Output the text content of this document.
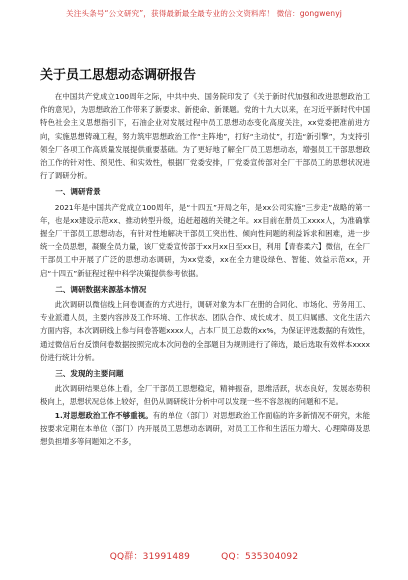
关注头条号“公文研究”，获得最新最全最专业的公文资料库！ 微信：gongwenyj
关于员工思想动态调研报告

在中国共产党成立100周年之际，中共中央、国务院印发了《关于新时代加强和改进思想政治工作的意见》，为思想政治工作带来了新要求、新使命、新课题。党的十九大以来，在习近平新时代中国特色社会主义思想指引下，石油企业对发展过程中员工思想动态变化高度关注，xx党委把准前进方向，实施思想铸魂工程，努力筑牢思想政治工作“主阵地”，打好“主动仗”，打造“新引擎”，为支持引领全厂各项工作高质量发展提供重要基础。为了更好地了解全厂员工思想动态，增强员工干部思想政治工作的针对性、预见性、和实效性，根据厂党委安排，厂党委宣传部对全厂干部员工的思想状况进行了调研分析。

一、调研背景

2021年是中国共产党成立100周年，是“十四五”开局之年，是xx公司实施“三步走”战略的第一年，也是xx建设示范xx、推动转型升级，追赶超越的关键之年。xx目前在册员工xxxx人，为准确掌握全厂干部员工思想动态，有针对性地解决干部员工突出性、倾向性问题的利益诉求和困难，进一步统一全员思想，凝聚全员力量，该厂党委宣传部于xx月xx日至xx日，利用【青春柔六】微信，在全厂干部员工中开展了广泛的思想动态调研，为xx党委，xx在全力建设绿色、智能、效益示范xx，开启“十四五”新征程过程中科学决策提供参考依据。

二、调研数据来源基本情况

此次调研以微信线上问卷调查的方式进行，调研对象为本厂在册的合同化、市场化、劳务用工、专业派遣人员，主要内容涉及工作环境、工作状态、团队合作、成长成才、员工归属感、文化生活六方面内容，本次调研线上参与问卷答题xxxx人，占本厂员工总数的xx%，为保证评选数据的有效性，通过微信后台反馈问卷数据按照完成本次问卷的全部题目为规则进行了筛选，最后选取有效样本xxxx份进行统计分析。

三、发现的主要问题

此次调研结果总体上看，全厂干部员工思想稳定，精神振奋，思维活跃，状态良好，发展态势积极向上，思想状况总体上较好，但仍从调研统计分析中可以发现一些不容忽视的问题和不足。

1.对思想政治工作不够重视。有的单位（部门）对思想政治工作面临的许多新情况不研究，未能按要求定期在本单位（部门）内开展员工思想动态调研，对员工工作和生活压力增大、心理障碍及思想负担增多等问题知之不多，

QQ群：31991489	QQ：535304092
